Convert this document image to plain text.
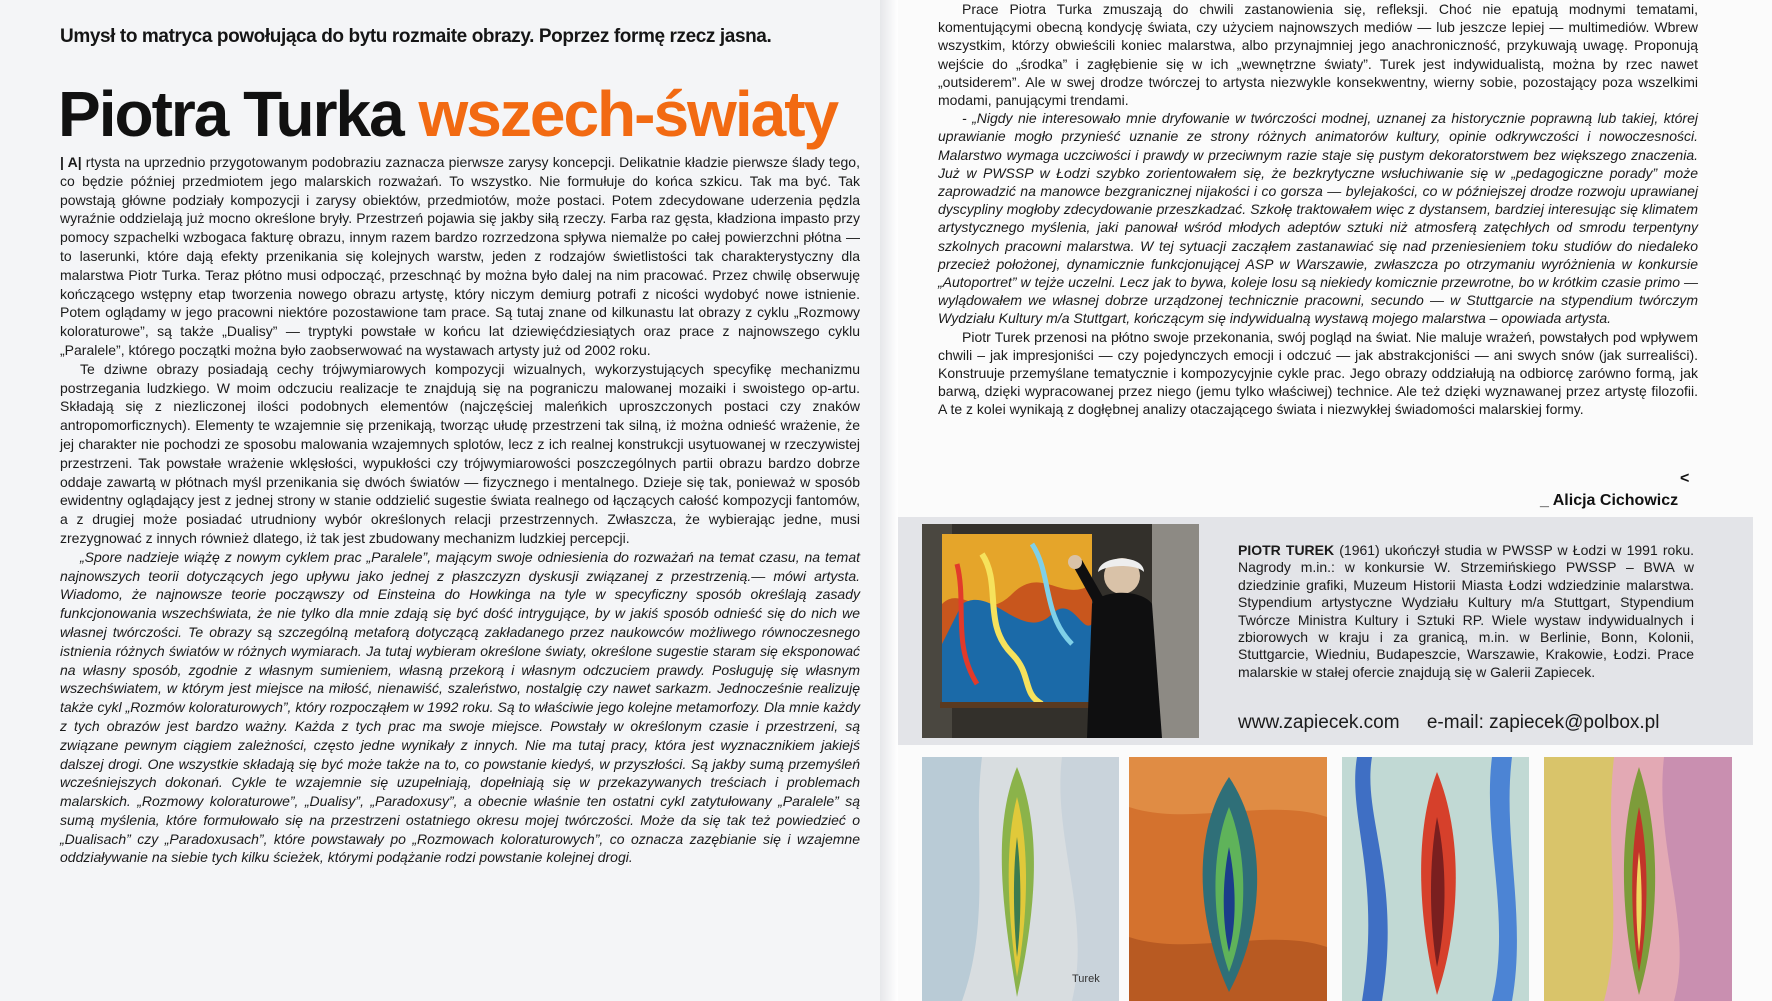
Umysł to matryca powołująca do bytu rozmaite obrazy. Poprzez formę rzecz jasna.
Piotra Turka wszech-światy

| A| rtysta na uprzednio przygotowanym podobraziu zaznacza pierwsze zarysy koncepcji. Delikatnie kładzie pierwsze ślady tego, co będzie później przedmiotem jego malarskich rozważań. To wszystko. Nie formułuje do końca szkicu. Tak ma być. Tak powstają główne podziały kompozycji i zarysy obiektów, przedmiotów, może postaci. Potem zdecydowane uderzenia pędzla wyraźnie oddzielają już mocno określone bryły. Przestrzeń pojawia się jakby siłą rzeczy. Farba raz gęsta, kładziona impasto przy pomocy szpachelki wzbogaca fakturę obrazu, innym razem bardzo rozrzedzona spływa niemalże po całej powierzchni płótna — to laserunki, które dają efekty przenikania się kolejnych warstw, jeden z rodzajów świetlistości tak charakterystyczny dla malarstwa Piotr Turka. Teraz płótno musi odpocząć, przeschnąć by można było dalej na nim pracować. Przez chwilę obserwuję kończącego wstępny etap tworzenia nowego obrazu artystę, który niczym demiurg potrafi z nicości wydobyć nowe istnienie. Potem oglądamy w jego pracowni niektóre pozostawione tam prace. Są tutaj znane od kilkunastu lat obrazy z cyklu „Rozmowy koloraturowe”, są także „Dualisy” — tryptyki powstałe w końcu lat dziewięćdziesiątych oraz prace z najnowszego cyklu „Paralele”, którego początki można było zaobserwować na wystawach artysty już od 2002 roku.

Te dziwne obrazy posiadają cechy trójwymiarowych kompozycji wizualnych, wykorzystujących specyfikę mechanizmu postrzegania ludzkiego. W moim odczuciu realizacje te znajdują się na pograniczu malowanej mozaiki i swoistego op-artu. Składają się z niezliczonej ilości podobnych elementów (najczęściej maleńkich uproszczonych postaci czy znaków antropomorficznych). Elementy te wzajemnie się przenikają, tworząc ułudę przestrzeni tak silną, iż można odnieść wrażenie, że jej charakter nie pochodzi ze sposobu malowania wzajemnych splotów, lecz z ich realnej konstrukcji usytuowanej w rzeczywistej przestrzeni. Tak powstałe wrażenie wklęsłości, wypukłości czy trójwymiarowości poszczególnych partii obrazu bardzo dobrze oddaje zawartą w płótnach myśl przenikania się dwóch światów — fizycznego i mentalnego. Dzieje się tak, ponieważ w sposób ewidentny oglądający jest z jednej strony w stanie oddzielić sugestie świata realnego od łączących całość kompozycji fantomów, a z drugiej może posiadać utrudniony wybór określonych relacji przestrzennych. Zwłaszcza, że wybierając jedne, musi zrezygnować z innych również dlatego, iż tak jest zbudowany mechanizm ludzkiej percepcji.

„Spore nadzieje wiążę z nowym cyklem prac „Paralele”, mającym swoje odniesienia do rozważań na temat czasu, na temat najnowszych teorii dotyczących jego upływu jako jednej z płaszczyzn dyskusji związanej z przestrzenią.— mówi artysta. Wiadomo, że najnowsze teorie począwszy od Einsteina do Howkinga na tyle w specyficzny sposób określają zasady funkcjonowania wszechświata, że nie tylko dla mnie zdają się być dość intrygujące, by w jakiś sposób odnieść się do nich we własnej twórczości. Te obrazy są szczególną metaforą dotyczącą zakładanego przez naukowców możliwego równoczesnego istnienia różnych światów w różnych wymiarach. Ja tutaj wybieram określone światy, określone sugestie staram się eksponować na własny sposób, zgodnie z własnym sumieniem, własną przekorą i własnym odczuciem prawdy. Posługuję się własnym wszechświatem, w którym jest miejsce na miłość, nienawiść, szaleństwo, nostalgię czy nawet sarkazm. Jednocześnie realizuję także cykl „Rozmów koloraturowych”, który rozpocząłem w 1992 roku. Są to właściwie jego kolejne metamorfozy. Dla mnie każdy z tych obrazów jest bardzo ważny. Każda z tych prac ma swoje miejsce. Powstały w określonym czasie i przestrzeni, są związane pewnym ciągiem zależności, często jedne wynikały z innych. Nie ma tutaj pracy, która jest wyznacznikiem jakiejś dalszej drogi. One wszystkie składają się być może także na to, co powstanie kiedyś, w przyszłości. Są jakby sumą przemyśleń wcześniejszych dokonań. Cykle te wzajemnie się uzupełniają, dopełniają się w przekazywanych treściach i problemach malarskich. „Rozmowy koloraturowe”, „Dualisy”, „Paradoxusy”, a obecnie właśnie ten ostatni cykl zatytułowany „Paralele” są sumą myślenia, które formułowało się na przestrzeni ostatniego okresu mojej twórczości. Może da się tak też powiedzieć o „Dualisach” czy „Paradoxusach”, które powstawały po „Rozmowach koloraturowych”, co oznacza zazębianie się i wzajemne oddziaływanie na siebie tych kilku ścieżek, którymi podążanie rodzi powstanie kolejnej drogi.

Prace Piotra Turka zmuszają do chwili zastanowienia się, refleksji. Choć nie epatują modnymi tematami, komentującymi obecną kondycję świata, czy użyciem najnowszych mediów — lub jeszcze lepiej — multimediów. Wbrew wszystkim, którzy obwieścili koniec malarstwa, albo przynajmniej jego anachroniczność, przykuwają uwagę. Proponują wejście do „środka” i zagłębienie się w ich „wewnętrzne światy”. Turek jest indywidualistą, można by rzec nawet „outsiderem”. Ale w swej drodze twórczej to artysta niezwykle konsekwentny, wierny sobie, pozostający poza wszelkimi modami, panującymi trendami.

- „Nigdy nie interesowało mnie dryfowanie w twórczości modnej, uznanej za historycznie poprawną lub takiej, której uprawianie mogło przynieść uznanie ze strony różnych animatorów kultury, opinie odkrywczości i nowoczesności. Malarstwo wymaga uczciwości i prawdy w przeciwnym razie staje się pustym dekoratorstwem bez większego znaczenia. Już w PWSSP w Łodzi szybko zorientowałem się, że bezkrytyczne wsłuchiwanie się w „pedagogiczne porady” może zaprowadzić na manowce bezgranicznej nijakości i co gorsza — bylejakości, co w późniejszej drodze rozwoju uprawianej dyscypliny mogłoby zdecydowanie przeszkadzać. Szkołę traktowałem więc z dystansem, bardziej interesując się klimatem artystycznego myślenia, jaki panował wśród młodych adeptów sztuki niż atmosferą zatęchłych od smrodu terpentyny szkolnych pracowni malarstwa. W tej sytuacji zacząłem zastanawiać się nad przeniesieniem toku studiów do niedaleko przecież położonej, dynamicznie funkcjonującej ASP w Warszawie, zwłaszcza po otrzymaniu wyróżnienia w konkursie „Autoportret” w tejże uczelni. Lecz jak to bywa, koleje losu są niekiedy komicznie przewrotne, bo w krótkim czasie primo — wylądowałem we własnej dobrze urządzonej technicznie pracowni, secundo — w Stuttgarcie na stypendium twórczym Wydziału Kultury m/a Stuttgart, kończącym się indywidualną wystawą mojego malarstwa – opowiada artysta.

Piotr Turek przenosi na płótno swoje przekonania, swój pogląd na świat. Nie maluje wrażeń, powstałych pod wpływem chwili – jak impresjoniści — czy pojedynczych emocji i odczuć — jak abstrakcjoniści — ani swych snów (jak surrealiści). Konstruuje przemyślane tematycznie i kompozycyjnie cykle prac. Jego obrazy oddziałują na odbiorcę zarówno formą, jak barwą, dzięki wypracowanej przez niego (jemu tylko właściwej) technice. Ale też dzięki wyznawanej przez artystę filozofii. A te z kolei wynikają z dogłębnej analizy otaczającego świata i niezwykłej świadomości malarskiej formy.

<
_ Alicja Cichowicz
PIOTR TUREK (1961) ukończył studia w PWSSP w Łodzi w 1991 roku. Nagrody m.in.: w konkursie W. Strzemińskiego PWSSP – BWA w dziedzinie grafiki, Muzeum Historii Miasta Łodzi wdziedzinie malarstwa. Stypendium artystyczne Wydziału Kultury m/a Stuttgart, Stypendium Twórcze Ministra Kultury i Sztuki RP. Wiele wystaw indywidualnych i zbiorowych w kraju i za granicą, m.in. w Berlinie, Bonn, Kolonii, Stuttgarcie, Wiedniu, Budapeszcie, Warszawie, Krakowie, Łodzi. Prace malarskie w stałej ofercie znajdują się w Galerii Zapiecek.
www.zapiecek.com e-mail: zapiecek@polbox.pl
Turek
